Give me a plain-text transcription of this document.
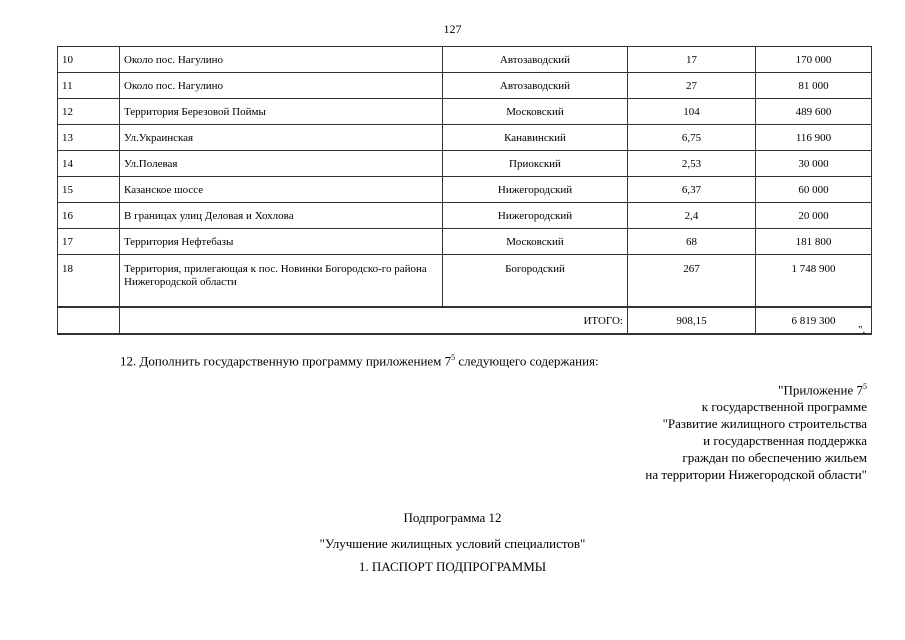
127
10	Около пос. Нагулино	Автозаводский	17	170 000
11	Около пос. Нагулино	Автозаводский	27	81 000
12	Территория Березовой Поймы	Московский	104	489 600
13	Ул.Украинская	Канавинский	6,75	116 900
14	Ул.Полевая	Приокский	2,53	30 000
15	Казанское шоссе	Нижегородский	6,37	60 000
16	В границах улиц Деловая и Хохлова	Нижегородский	2,4	20 000
17	Территория Нефтебазы	Московский	68	181 800
18	Территория, прилегающая к пос. Новинки Богородско-го района Нижегородской области	Богородский	267	1 748 900
	ИТОГО:		908,15	6 819 300
".
12. Дополнить государственную программу приложением $7^5$ следующего содержания:
"Приложение $7^5$
к государственной программе
"Развитие жилищного строительства
и государственная поддержка
граждан по обеспечению жильем
на территории Нижегородской области"
Подпрограмма 12
"Улучшение жилищных условий специалистов"
1. ПАСПОРТ ПОДПРОГРАММЫ
